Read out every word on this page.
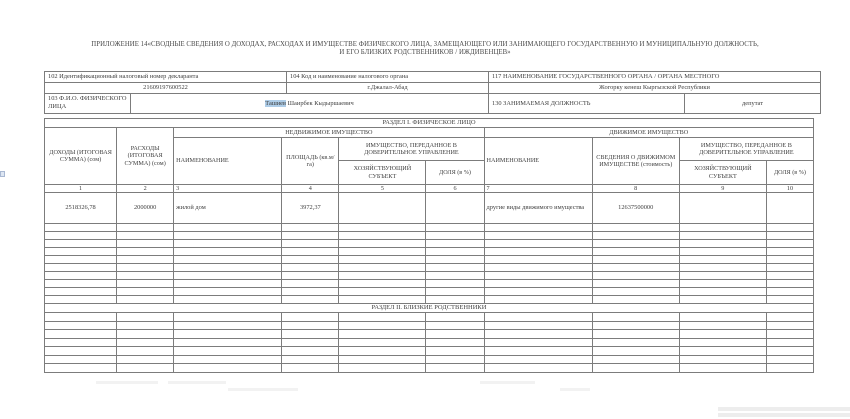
ПРИЛОЖЕНИЕ 14«СВОДНЫЕ СВЕДЕНИЯ О ДОХОДАХ, РАСХОДАХ И ИМУЩЕСТВЕ ФИЗИЧЕСКОГО ЛИЦА, ЗАМЕЩАЮЩЕГО ИЛИ ЗАНИМАЮЩЕГО ГОСУДАРСТВЕННУЮ И МУНИЦИПАЛЬНУЮ ДОЛЖНОСТЬ,
И ЕГО БЛИЗКИХ РОДСТВЕННИКОВ / ИЖДИВЕНЦЕВ»
102 Идентификационный налоговый номер декларанта		104 Код и наименование налогового органа	117 НАИМЕНОВАНИЕ ГОСУДАРСТВЕННОГО ОРГАНА / ОРГАНА МЕСТНОГО	
21609197600522		г.Джалал-Абад	Жогорку кенеш Кыргызской Республики	
103 Ф.И.О. ФИЗИЧЕСКОГО ЛИЦА	Ташиев Шаирбек Кыдыршаевич		130 ЗАНИМАЕМАЯ ДОЛЖНОСТЬ	депутат
РАЗДЕЛ I. ФИЗИЧЕСКОЕ ЛИЦО									
ДОХОДЫ (ИТОГОВАЯ СУММА) (сом)	РАСХОДЫ (ИТОГОВАЯ СУММА) (сом)	НЕДВИЖИМОЕ ИМУЩЕСТВО				ДВИЖИМОЕ ИМУЩЕСТВО			
		НАИМЕНОВАНИЕ	ПЛОЩАДЬ (кв.м/га)	ИМУЩЕСТВО, ПЕРЕДАННОЕ В ДОВЕРИТЕЛЬНОЕ УПРАВЛЕНИЕ		НАИМЕНОВАНИЕ	СВЕДЕНИЯ О ДВИЖИМОМ ИМУЩЕСТВЕ (стоимость)	ИМУЩЕСТВО, ПЕРЕДАННОЕ В ДОВЕРИТЕЛЬНОЕ УПРАВЛЕНИЕ	
				ХОЗЯЙСТВУЮЩИЙ СУБЪЕКТ	ДОЛЯ (в %)			ХОЗЯЙСТВУЮЩИЙ СУБЪЕКТ	ДОЛЯ (в %)
1	2	3	4	5	6	7	8	9	10
2518326,78	2000000	жилой дом	3972,37			другие виды движимого имущества	12637500000		

РАЗДЕЛ II. БЛИЗКИЕ РОДСТВЕННИКИ									
